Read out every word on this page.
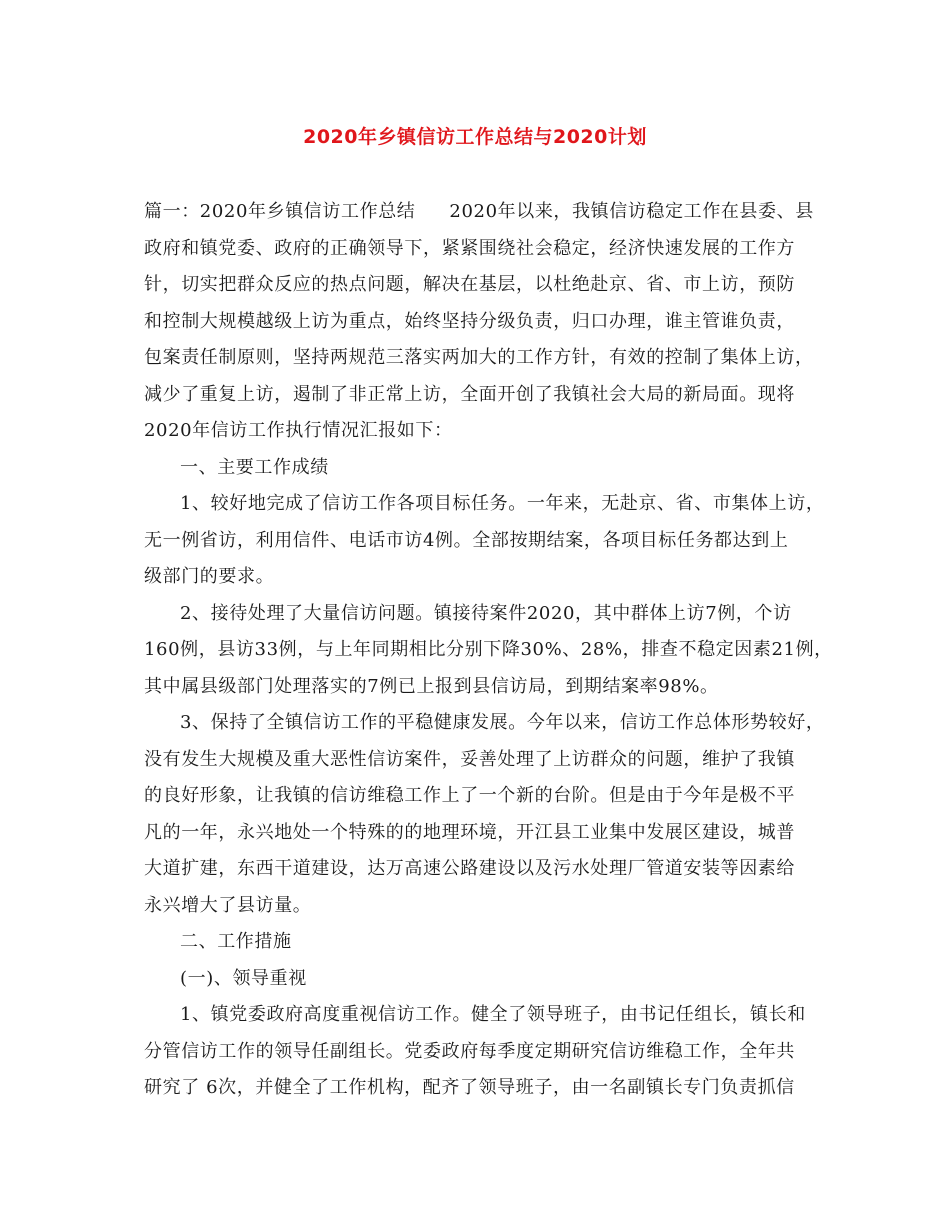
2020年乡镇信访工作总结与2020计划
篇一：2020年乡镇信访工作总结 2020年以来，我镇信访稳定工作在县委、县
政府和镇党委、政府的正确领导下，紧紧围绕社会稳定，经济快速发展的工作方
针，切实把群众反应的热点问题，解决在基层，以杜绝赴京、省、市上访，预防
和控制大规模越级上访为重点，始终坚持分级负责，归口办理，谁主管谁负责，
包案责任制原则，坚持两规范三落实两加大的工作方针，有效的控制了集体上访，
减少了重复上访，遏制了非正常上访，全面开创了我镇社会大局的新局面。现将
2020年信访工作执行情况汇报如下：
一、主要工作成绩
1、较好地完成了信访工作各项目标任务。一年来，无赴京、省、市集体上访，
无一例省访，利用信件、电话市访4例。全部按期结案，各项目标任务都达到上
级部门的要求。
2、接待处理了大量信访问题。镇接待案件2020，其中群体上访7例，个访
160例，县访33例，与上年同期相比分别下降30%、28%，排查不稳定因素21例，
其中属县级部门处理落实的7例已上报到县信访局，到期结案率98%。
3、保持了全镇信访工作的平稳健康发展。今年以来，信访工作总体形势较好，
没有发生大规模及重大恶性信访案件，妥善处理了上访群众的问题，维护了我镇
的良好形象，让我镇的信访维稳工作上了一个新的台阶。但是由于今年是极不平
凡的一年，永兴地处一个特殊的的地理环境，开江县工业集中发展区建设，城普
大道扩建，东西干道建设，达万高速公路建设以及污水处理厂管道安装等因素给
永兴增大了县访量。
二、工作措施
(一)、领导重视
1、镇党委政府高度重视信访工作。健全了领导班子，由书记任组长，镇长和
分管信访工作的领导任副组长。党委政府每季度定期研究信访维稳工作，全年共
研究了 6次，并健全了工作机构，配齐了领导班子，由一名副镇长专门负责抓信
